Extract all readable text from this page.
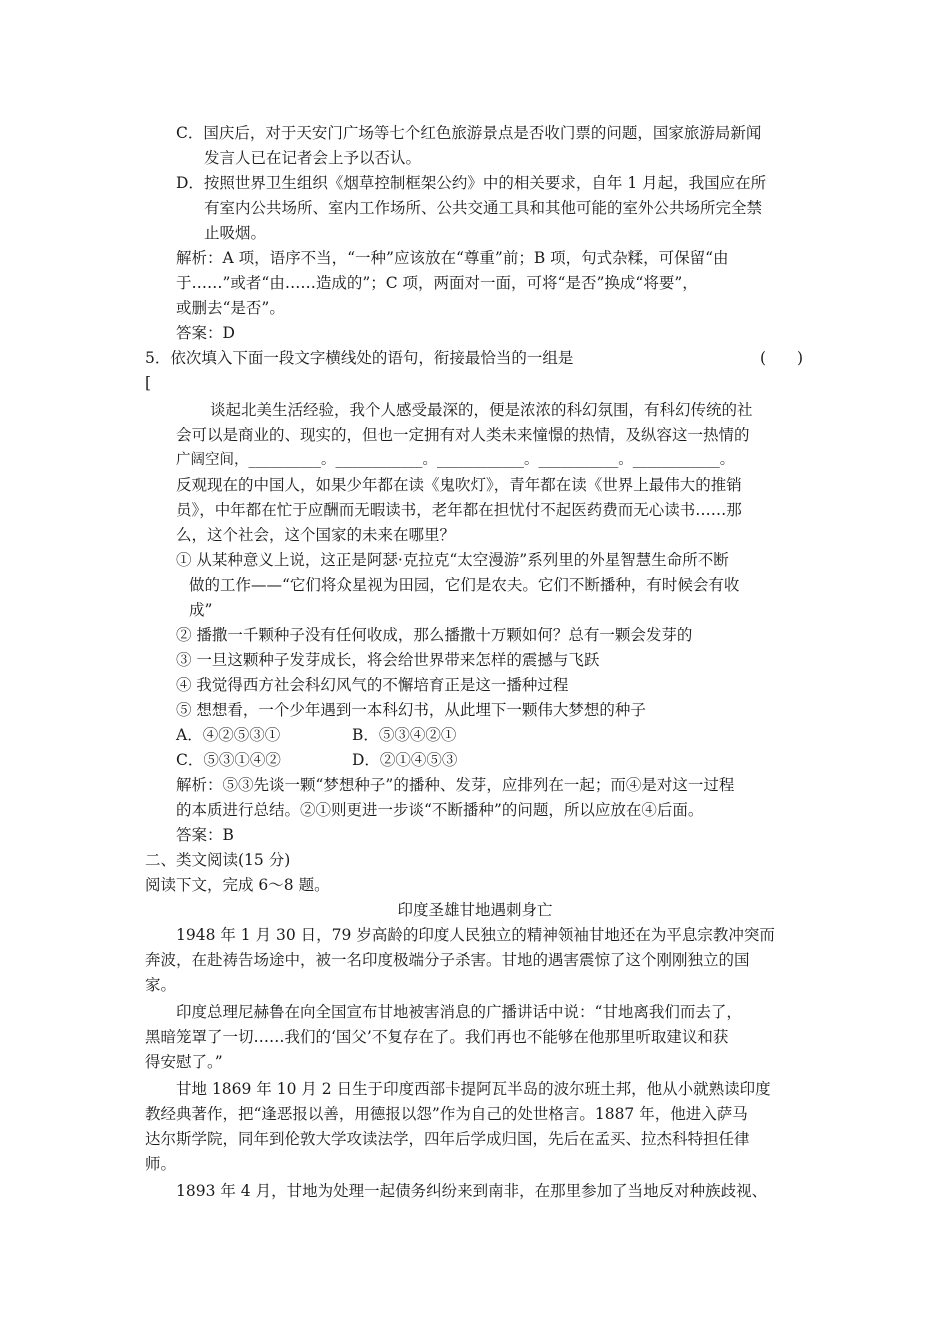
C．国庆后，对于天安门广场等七个红色旅游景点是否收门票的问题，国家旅游局新闻
发言人已在记者会上予以否认。
D．按照世界卫生组织《烟草控制框架公约》中的相关要求，自年 1 月起，我国应在所
有室内公共场所、室内工作场所、公共交通工具和其他可能的室外公共场所完全禁
止吸烟。
解析：A 项，语序不当，“一种”应该放在“尊重”前；B 项，句式杂糅，可保留“由
于……”或者“由……造成的”；C 项，两面对一面，可将“是否”换成“将要”，
或删去“是否”。
答案：D
5．依次填入下面一段文字横线处的语句，衔接最恰当的一组是	(　　)
[
谈起北美生活经验，我个人感受最深的，便是浓浓的科幻氛围，有科幻传统的社
会可以是商业的、现实的，但也一定拥有对人类未来憧憬的热情，及纵容这一热情的
广阔空间，__________。____________。____________。___________。____________。
反观现在的中国人，如果少年都在读《鬼吹灯》，青年都在读《世界上最伟大的推销
员》，中年都在忙于应酬而无暇读书，老年都在担忧付不起医药费而无心读书……那
么，这个社会，这个国家的未来在哪里？
① 从某种意义上说，这正是阿瑟·克拉克“太空漫游”系列里的外星智慧生命所不断
做的工作——“它们将众星视为田园，它们是农夫。它们不断播种，有时候会有收
成”
② 播撒一千颗种子没有任何收成，那么播撒十万颗如何？总有一颗会发芽的
③ 一旦这颗种子发芽成长，将会给世界带来怎样的震撼与飞跃
④ 我觉得西方社会科幻风气的不懈培育正是这一播种过程
⑤ 想想看，一个少年遇到一本科幻书，从此埋下一颗伟大梦想的种子
A．④②⑤③①	B．⑤③④②①
C．⑤③①④②	D．②①④⑤③
解析：⑤③先谈一颗“梦想种子”的播种、发芽，应排列在一起；而④是对这一过程
的本质进行总结。②①则更进一步谈“不断播种”的问题，所以应放在④后面。
答案：B
二、类文阅读(15 分)
阅读下文，完成 6～8 题。
印度圣雄甘地遇刺身亡
1948 年 1 月 30 日，79 岁高龄的印度人民独立的精神领袖甘地还在为平息宗教冲突而
奔波，在赴祷告场途中，被一名印度极端分子杀害。甘地的遇害震惊了这个刚刚独立的国
家。
印度总理尼赫鲁在向全国宣布甘地被害消息的广播讲话中说：“甘地离我们而去了，
黑暗笼罩了一切……我们的‘国父’不复存在了。我们再也不能够在他那里听取建议和获
得安慰了。”
甘地 1869 年 10 月 2 日生于印度西部卡提阿瓦半岛的波尔班土邦，他从小就熟读印度
教经典著作，把“逢恶报以善，用德报以怨”作为自己的处世格言。1887 年，他进入萨马
达尔斯学院，同年到伦敦大学攻读法学，四年后学成归国，先后在孟买、拉杰科特担任律
师。
1893 年 4 月，甘地为处理一起债务纠纷来到南非，在那里参加了当地反对种族歧视、
